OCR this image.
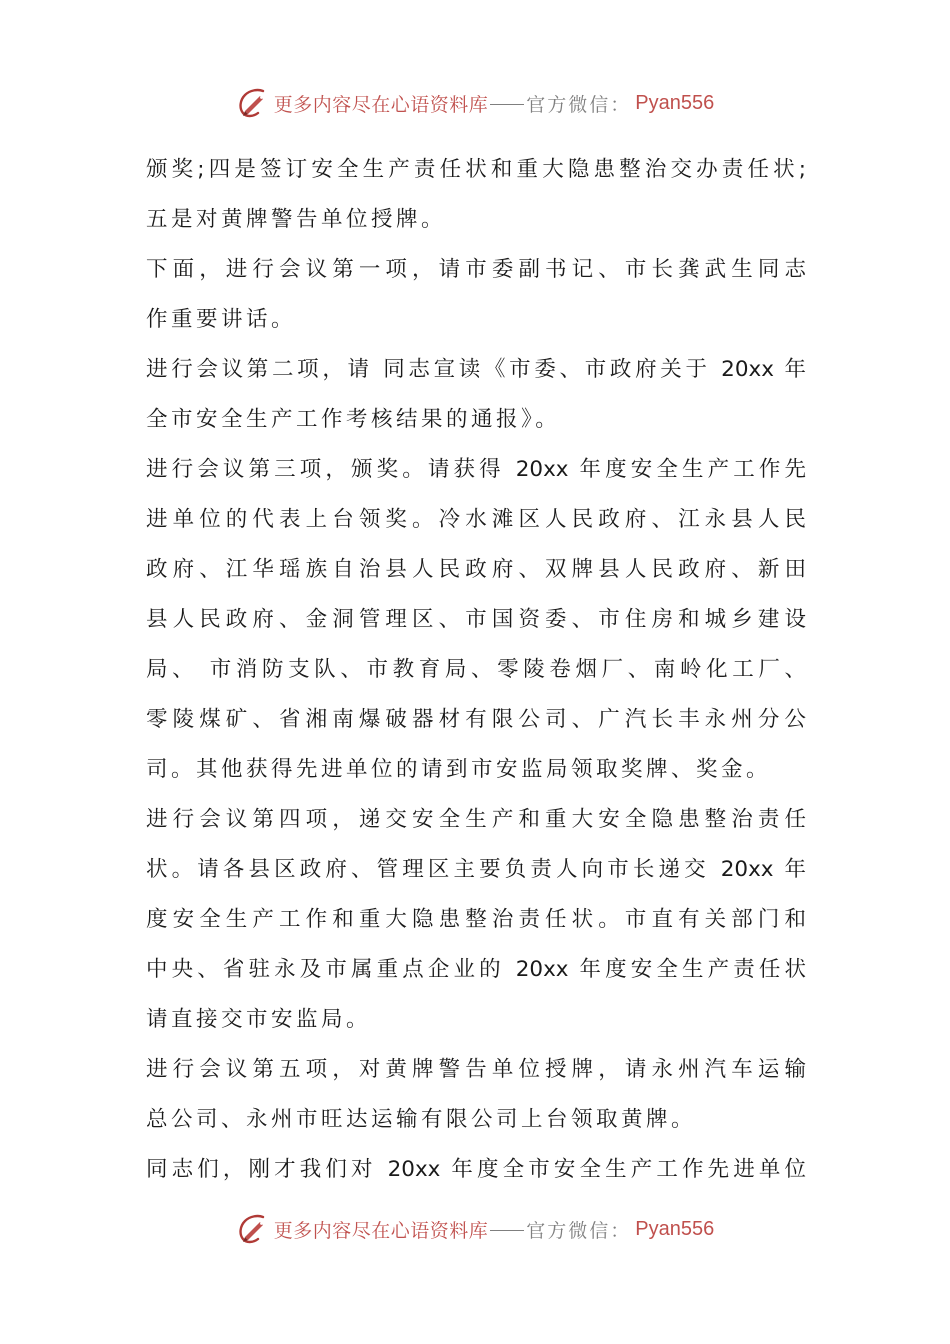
更多内容尽在心语资料库 官方微信： Pyan556
颁奖;四是签订安全生产责任状和重大隐患整治交办责任状;
五是对黄牌警告单位授牌。
下面，进行会议第一项，请市委副书记、市长龚武生同志
作重要讲话。
进行会议第二项，请 同志宣读《市委、市政府关于 20xx 年
全市安全生产工作考核结果的通报》。
进行会议第三项，颁奖。请获得 20xx 年度安全生产工作先
进单位的代表上台领奖。冷水滩区人民政府、江永县人民
政府、江华瑶族自治县人民政府、双牌县人民政府、新田
县人民政府、金洞管理区、市国资委、市住房和城乡建设
局、 市消防支队、市教育局、零陵卷烟厂、南岭化工厂、
零陵煤矿、省湘南爆破器材有限公司、广汽长丰永州分公
司。其他获得先进单位的请到市安监局领取奖牌、奖金。
进行会议第四项，递交安全生产和重大安全隐患整治责任
状。请各县区政府、管理区主要负责人向市长递交 20xx 年
度安全生产工作和重大隐患整治责任状。市直有关部门和
中央、省驻永及市属重点企业的 20xx 年度安全生产责任状
请直接交市安监局。
进行会议第五项，对黄牌警告单位授牌，请永州汽车运输
总公司、永州市旺达运输有限公司上台领取黄牌。
同志们，刚才我们对 20xx 年度全市安全生产工作先进单位
更多内容尽在心语资料库 官方微信： Pyan556
